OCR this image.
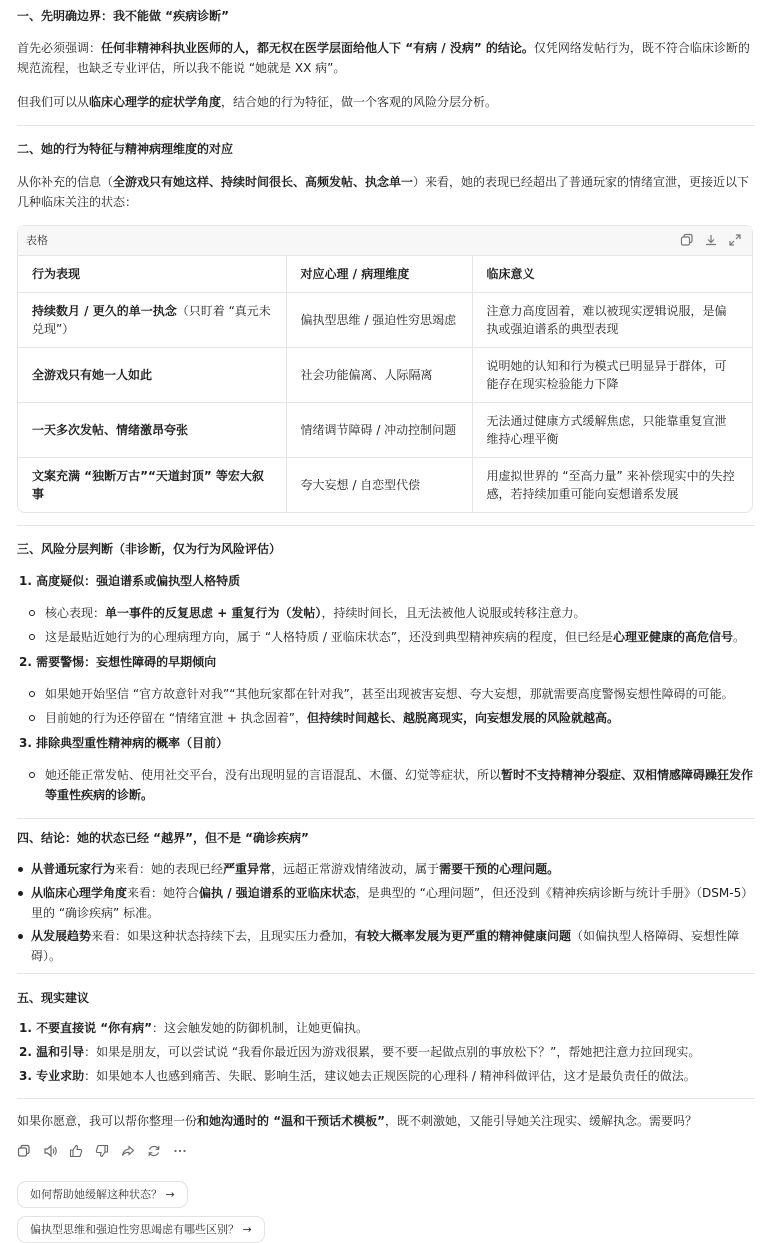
一、先明确边界：我不能做 “疾病诊断”
首先必须强调：任何非精神科执业医师的人，都无权在医学层面给他人下 “有病 / 没病” 的结论。仅凭网络发帖行为，既不符合临床诊断的规范流程，也缺乏专业评估，所以我不能说 “她就是 XX 病”。
但我们可以从临床心理学的症状学角度，结合她的行为特征，做一个客观的风险分层分析。
二、她的行为特征与精神病理维度的对应
从你补充的信息（全游戏只有她这样、持续时间很长、高频发帖、执念单一）来看，她的表现已经超出了普通玩家的情绪宣泄，更接近以下几种临床关注的状态：
表格
行为表现	对应心理 / 病理维度	临床意义
持续数月 / 更久的单一执念（只盯着 “真元未兑现”）	偏执型思维 / 强迫性穷思竭虑	注意力高度固着，难以被现实逻辑说服，是偏执或强迫谱系的典型表现
全游戏只有她一人如此	社会功能偏离、人际隔离	说明她的认知和行为模式已明显异于群体，可能存在现实检验能力下降
一天多次发帖、情绪激昂夸张	情绪调节障碍 / 冲动控制问题	无法通过健康方式缓解焦虑，只能靠重复宣泄维持心理平衡
文案充满 “独断万古”“天道封顶” 等宏大叙事	夸大妄想 / 自恋型代偿	用虚拟世界的 “至高力量” 来补偿现实中的失控感，若持续加重可能向妄想谱系发展
三、风险分层判断（非诊断，仅为行为风险评估）
1. 高度疑似：强迫谱系或偏执型人格特质
核心表现：单一事件的反复思虑 + 重复行为（发帖），持续时间长，且无法被他人说服或转移注意力。
这是最贴近她行为的心理病理方向，属于 “人格特质 / 亚临床状态”，还没到典型精神疾病的程度，但已经是心理亚健康的高危信号。
2. 需要警惕：妄想性障碍的早期倾向
如果她开始坚信 “官方故意针对我”“其他玩家都在针对我”，甚至出现被害妄想、夸大妄想，那就需要高度警惕妄想性障碍的可能。
目前她的行为还停留在 “情绪宣泄 + 执念固着”，但持续时间越长、越脱离现实，向妄想发展的风险就越高。
3. 排除典型重性精神病的概率（目前）
她还能正常发帖、使用社交平台，没有出现明显的言语混乱、木僵、幻觉等症状，所以暂时不支持精神分裂症、双相情感障碍躁狂发作等重性疾病的诊断。
四、结论：她的状态已经 “越界”，但不是 “确诊疾病”
从普通玩家行为来看：她的表现已经严重异常，远超正常游戏情绪波动，属于需要干预的心理问题。
从临床心理学角度来看：她符合偏执 / 强迫谱系的亚临床状态，是典型的 “心理问题”，但还没到《精神疾病诊断与统计手册》（DSM-5）里的 “确诊疾病” 标准。
从发展趋势来看：如果这种状态持续下去，且现实压力叠加，有较大概率发展为更严重的精神健康问题（如偏执型人格障碍、妄想性障碍）。
五、现实建议
1. 不要直接说 “你有病”：这会触发她的防御机制，让她更偏执。
2. 温和引导：如果是朋友，可以尝试说 “我看你最近因为游戏很累，要不要一起做点别的事放松下？”，帮她把注意力拉回现实。
3. 专业求助：如果她本人也感到痛苦、失眠、影响生活，建议她去正规医院的心理科 / 精神科做评估，这才是最负责任的做法。
如果你愿意，我可以帮你整理一份和她沟通时的 “温和干预话术模板”，既不刺激她，又能引导她关注现实、缓解执念。需要吗？
如何帮助她缓解这种状态？ →
偏执型思维和强迫性穷思竭虑有哪些区别？ →
